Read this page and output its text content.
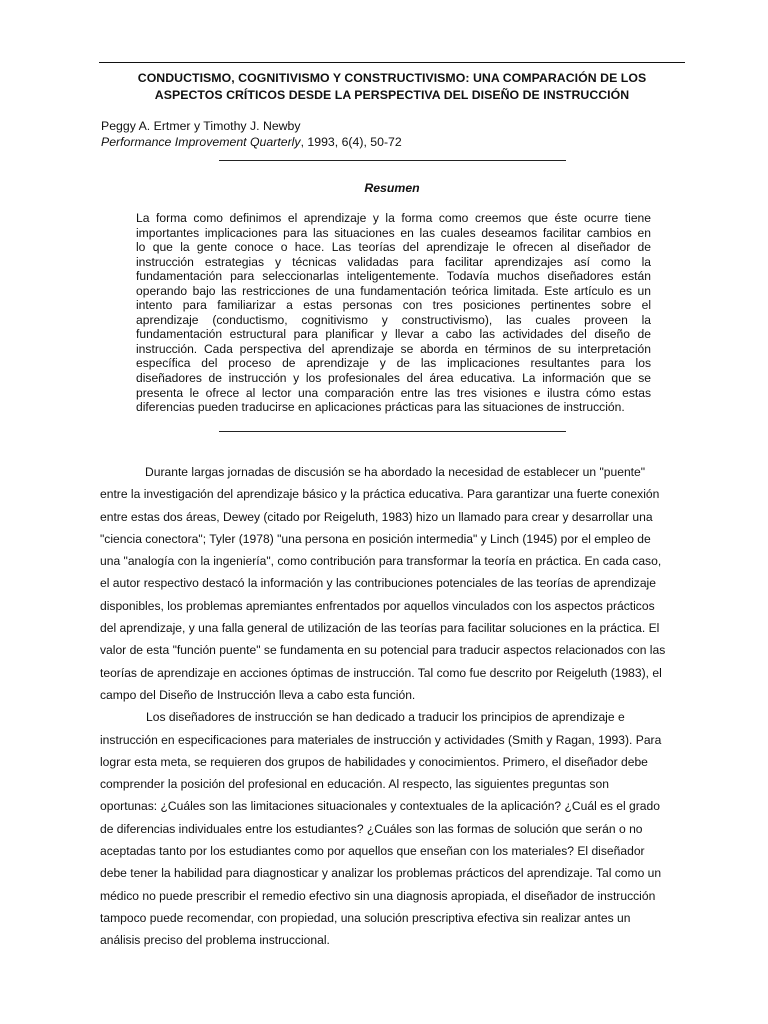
CONDUCTISMO, COGNITIVISMO Y CONSTRUCTIVISMO: UNA COMPARACIÓN DE LOS
ASPECTOS CRÍTICOS DESDE LA PERSPECTIVA DEL DISEÑO DE INSTRUCCIÓN
Peggy A. Ertmer y Timothy J. Newby
Performance Improvement Quarterly, 1993, 6(4), 50-72
Resumen
La forma como definimos el aprendizaje y la forma como creemos que éste ocurre tiene
importantes implicaciones para las situaciones en las cuales deseamos facilitar cambios en
lo que la gente conoce o hace. Las teorías del aprendizaje le ofrecen al diseñador de
instrucción estrategias y técnicas validadas para facilitar aprendizajes así como la
fundamentación para seleccionarlas inteligentemente. Todavía muchos diseñadores están
operando bajo las restricciones de una fundamentación teórica limitada. Este artículo es un
intento para familiarizar a estas personas con tres posiciones pertinentes sobre el
aprendizaje (conductismo, cognitivismo y constructivismo), las cuales proveen la
fundamentación estructural para planificar y llevar a cabo las actividades del diseño de
instrucción. Cada perspectiva del aprendizaje se aborda en términos de su interpretación
específica del proceso de aprendizaje y de las implicaciones resultantes para los
diseñadores de instrucción y los profesionales del área educativa. La información que se
presenta le ofrece al lector una comparación entre las tres visiones e ilustra cómo estas
diferencias pueden traducirse en aplicaciones prácticas para las situaciones de instrucción.
Durante largas jornadas de discusión se ha abordado la necesidad de establecer un "puente"
entre la investigación del aprendizaje básico y la práctica educativa. Para garantizar una fuerte conexión
entre estas dos áreas, Dewey (citado por Reigeluth, 1983) hizo un llamado para crear y desarrollar una
"ciencia conectora"; Tyler (1978) "una persona en posición intermedia" y Linch (1945) por el empleo de
una "analogía con la ingeniería", como contribución para transformar la teoría en práctica. En cada caso,
el autor respectivo destacó la información y las contribuciones potenciales de las teorías de aprendizaje
disponibles, los problemas apremiantes enfrentados por aquellos vinculados con los aspectos prácticos
del aprendizaje, y una falla general de utilización de las teorías para facilitar soluciones en la práctica. El
valor de esta "función puente" se fundamenta en su potencial para traducir aspectos relacionados con las
teorías de aprendizaje en acciones óptimas de instrucción. Tal como fue descrito por Reigeluth (1983), el
campo del Diseño de Instrucción lleva a cabo esta función.
Los diseñadores de instrucción se han dedicado a traducir los principios de aprendizaje e
instrucción en especificaciones para materiales de instrucción y actividades (Smith y Ragan, 1993). Para
lograr esta meta, se requieren dos grupos de habilidades y conocimientos. Primero, el diseñador debe
comprender la posición del profesional en educación. Al respecto, las siguientes preguntas son
oportunas: ¿Cuáles son las limitaciones situacionales y contextuales de la aplicación? ¿Cuál es el grado
de diferencias individuales entre los estudiantes? ¿Cuáles son las formas de solución que serán o no
aceptadas tanto por los estudiantes como por aquellos que enseñan con los materiales? El diseñador
debe tener la habilidad para diagnosticar y analizar los problemas prácticos del aprendizaje. Tal como un
médico no puede prescribir el remedio efectivo sin una diagnosis apropiada, el diseñador de instrucción
tampoco puede recomendar, con propiedad, una solución prescriptiva efectiva sin realizar antes un
análisis preciso del problema instruccional.
